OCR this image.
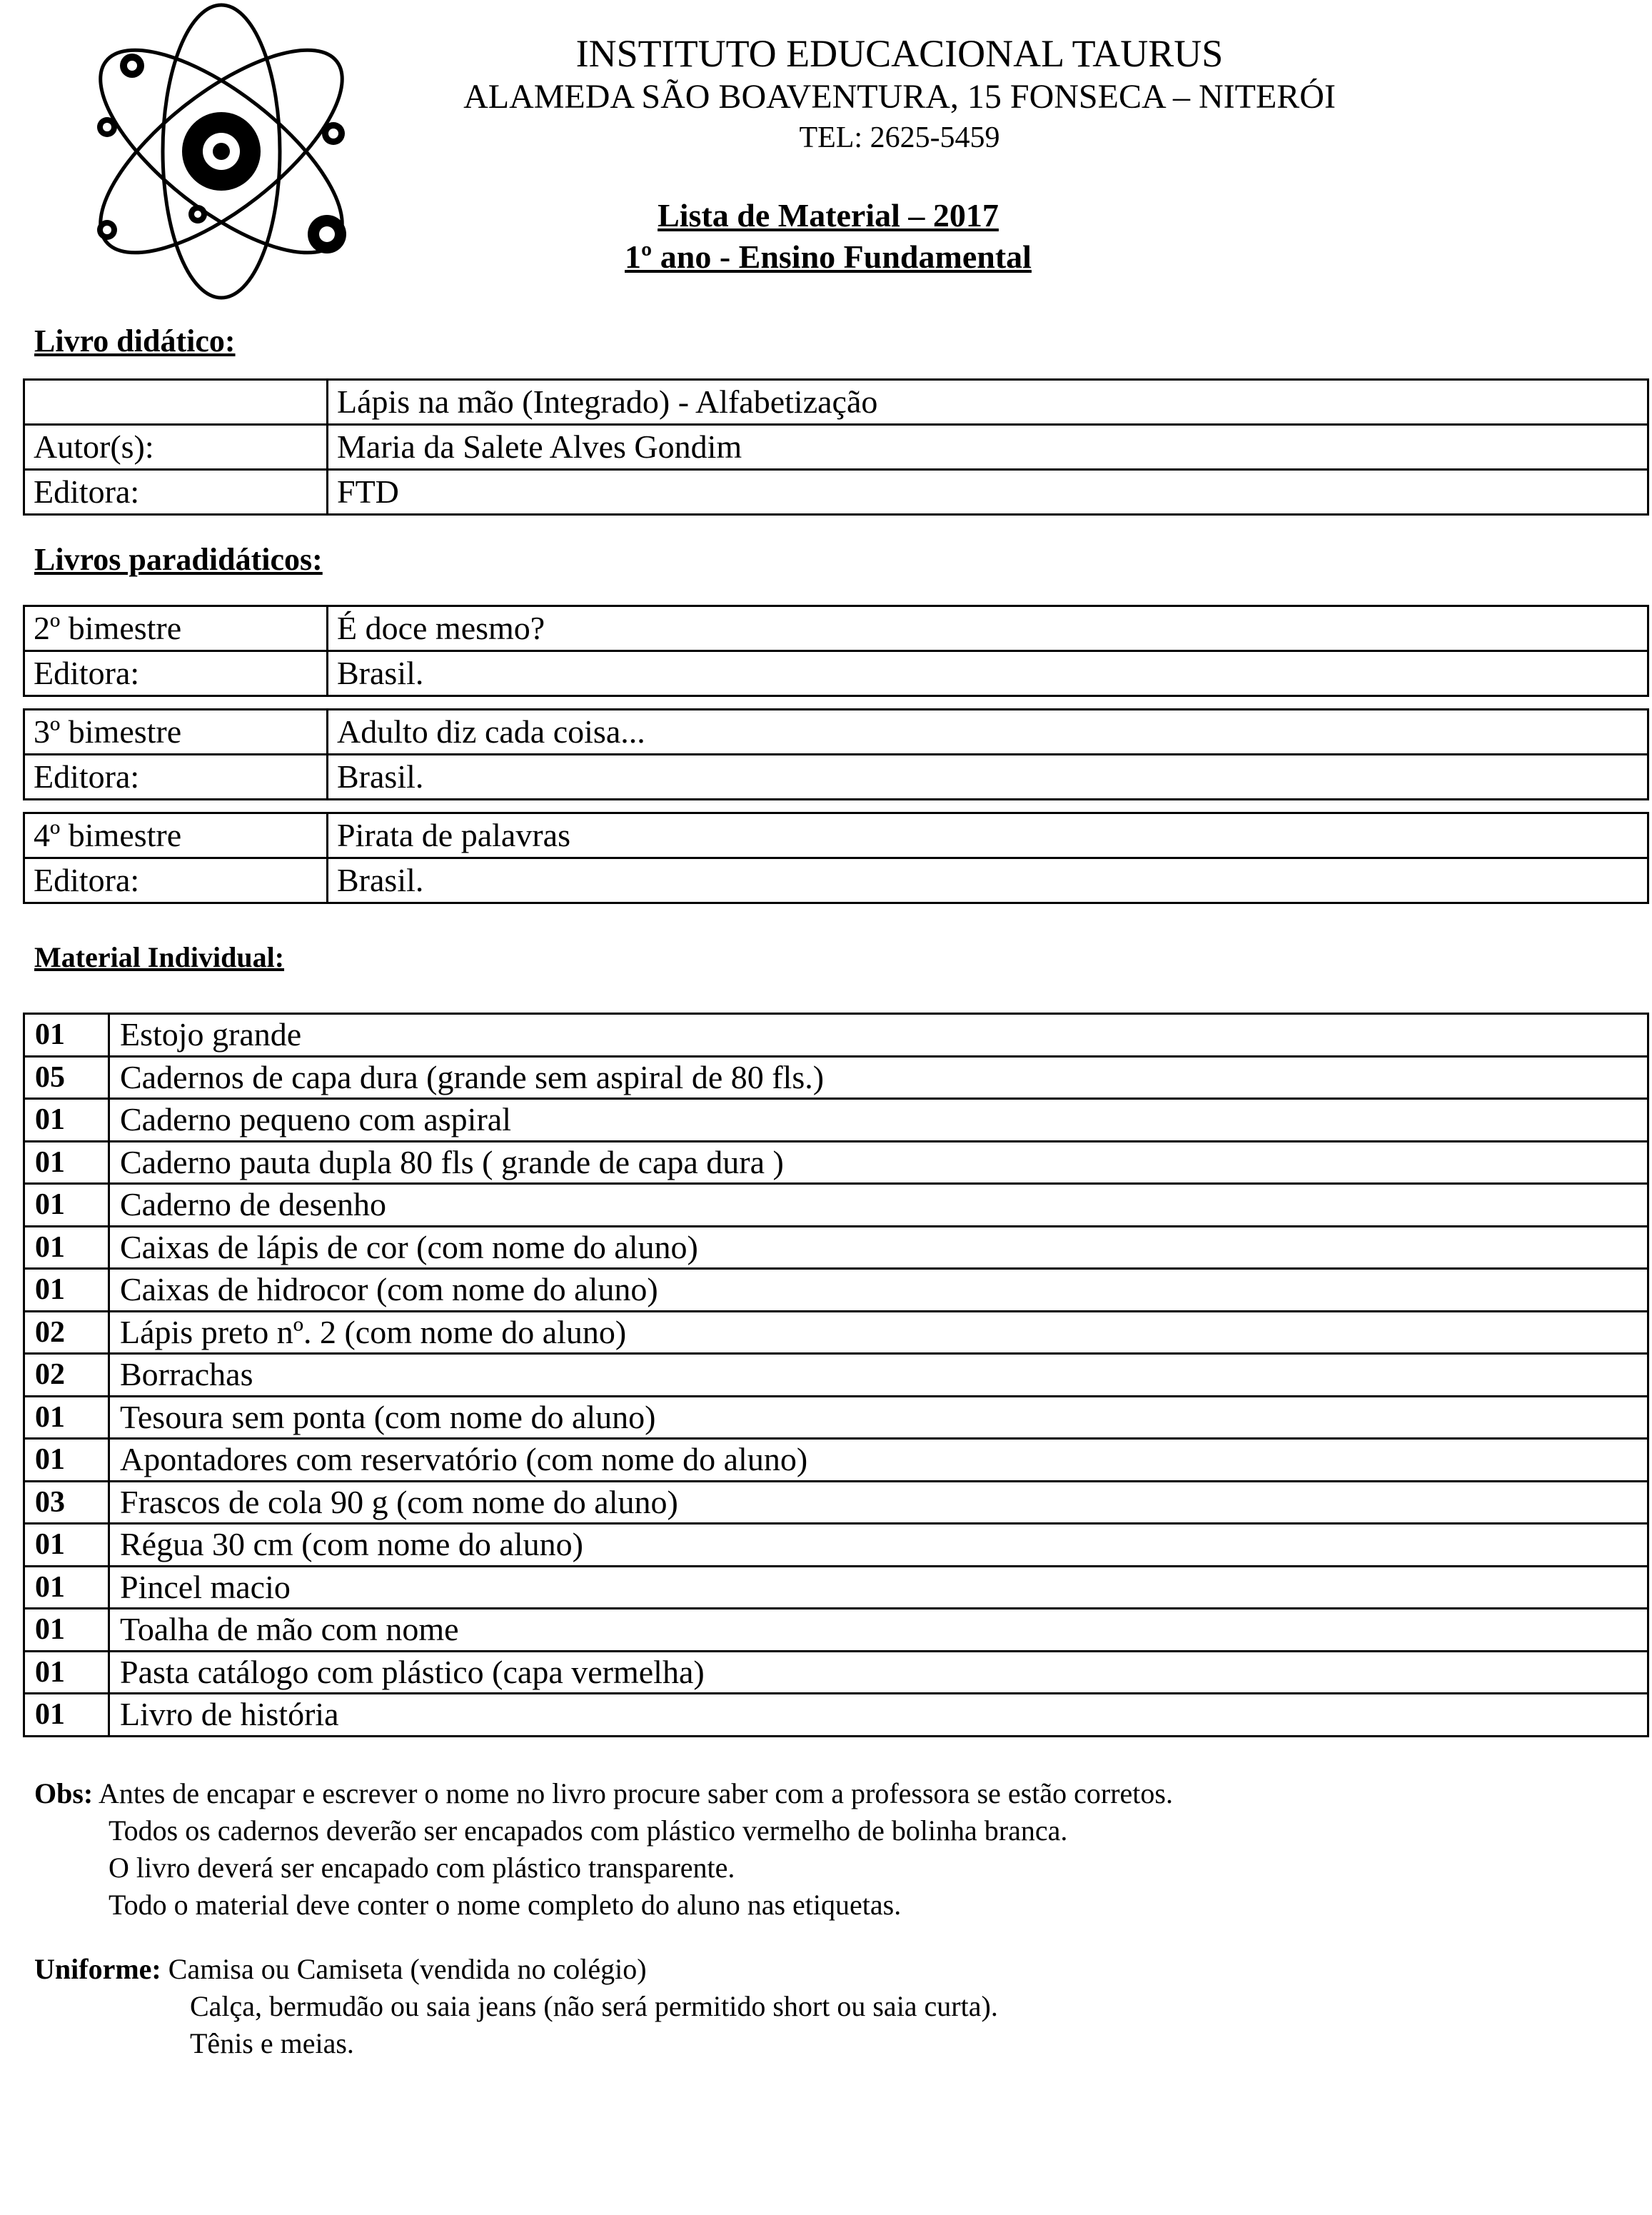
INSTITUTO EDUCACIONAL TAURUS
ALAMEDA SÃO BOAVENTURA, 15 FONSECA – NITERÓI
TEL: 2625-5459
Lista de Material – 2017
1º ano - Ensino Fundamental
Livro didático:
	Lápis na mão (Integrado) - Alfabetização
Autor(s):	Maria da Salete Alves Gondim
Editora:	FTD
Livros paradidáticos:
2º bimestre	É doce mesmo?
Editora:	Brasil.
3º bimestre	Adulto diz cada coisa...
Editora:	Brasil.
4º bimestre	Pirata de palavras
Editora:	Brasil.
Material Individual:
01	Estojo grande
05	Cadernos de capa dura (grande sem aspiral de 80 fls.)
01	Caderno pequeno com aspiral
01	Caderno pauta dupla 80 fls ( grande de capa dura )
01	Caderno de desenho
01	Caixas de lápis de cor (com nome do aluno)
01	Caixas de hidrocor (com nome do aluno)
02	Lápis preto nº. 2 (com nome do aluno)
02	Borrachas
01	Tesoura sem ponta (com nome do aluno)
01	Apontadores com reservatório (com nome do aluno)
03	Frascos de cola 90 g (com nome do aluno)
01	Régua 30 cm (com nome do aluno)
01	Pincel macio
01	Toalha de mão com nome
01	Pasta catálogo com plástico (capa vermelha)
01	Livro de história
Obs: Antes de encapar e escrever o nome no livro procure saber com a professora se estão corretos.
Todos os cadernos deverão ser encapados com plástico vermelho de bolinha branca.
O livro deverá ser encapado com plástico transparente.
Todo o material deve conter o nome completo do aluno nas etiquetas.
Uniforme: Camisa ou Camiseta (vendida no colégio)
Calça, bermudão ou saia jeans (não será permitido short ou saia curta).
Tênis e meias.
